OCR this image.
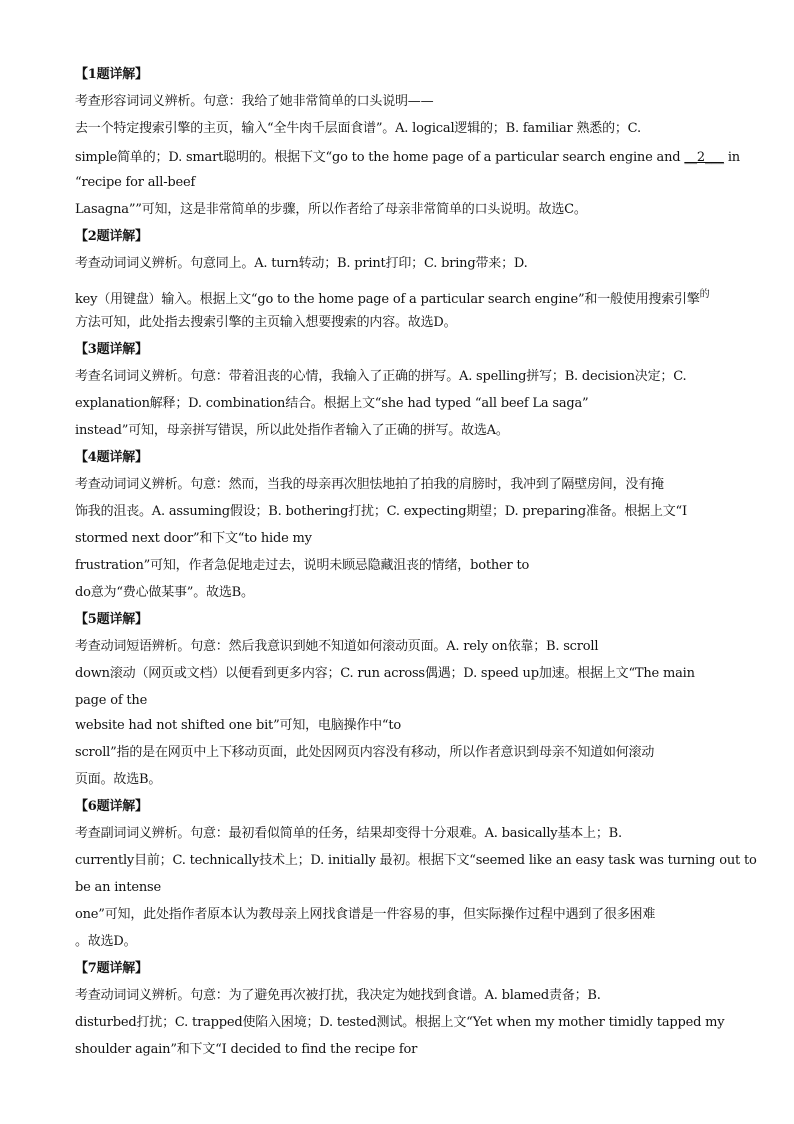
【1题详解】
考查形容词词义辨析。句意：我给了她非常简单的口头说明——
去一个特定搜索引擎的主页，输入“全牛肉千层面食谱”。A. logical逻辑的；B. familiar 熟悉的；C.
simple简单的；D. smart聪明的。根据下文“go to the home page of a particular search engine and __2___ in
“recipe for all-beef
Lasagna””可知，这是非常简单的步骤，所以作者给了母亲非常简单的口头说明。故选C。
【2题详解】
考查动词词义辨析。句意同上。A. turn转动；B. print打印；C. bring带来；D.
key（用键盘）输入。根据上文“go to the home page of a particular search engine”和一般使用搜索引擎$^的$
方法可知，此处指去搜索引擎的主页输入想要搜索的内容。故选D。
【3题详解】
考查名词词义辨析。句意：带着沮丧的心情，我输入了正确的拼写。A. spelling拼写；B. decision决定；C.
explanation解释；D. combination结合。根据上文“she had typed “all beef La saga”
instead”可知，母亲拼写错误，所以此处指作者输入了正确的拼写。故选A。
【4题详解】
考查动词词义辨析。句意：然而，当我的母亲再次胆怯地拍了拍我的肩膀时，我冲到了隔壁房间，没有掩
饰我的沮丧。A. assuming假设；B. bothering打扰；C. expecting期望；D. preparing准备。根据上文“I
stormed next door”和下文“to hide my
frustration”可知，作者急促地走过去，说明未顾忌隐藏沮丧的情绪，bother to
do意为“费心做某事”。故选B。
【5题详解】
考查动词短语辨析。句意：然后我意识到她不知道如何滚动页面。A. rely on依靠；B. scroll
down滚动（网页或文档）以便看到更多内容；C. run across偶遇；D. speed up加速。根据上文“The main
page of the
website had not shifted one bit”可知，电脑操作中“to
scroll”指的是在网页中上下移动页面，此处因网页内容没有移动，所以作者意识到母亲不知道如何滚动
页面。故选B。
【6题详解】
考查副词词义辨析。句意：最初看似简单的任务，结果却变得十分艰难。A. basically基本上；B.
currently目前；C. technically技术上；D. initially 最初。根据下文“seemed like an easy task was turning out to
be an intense
one”可知，此处指作者原本认为教母亲上网找食谱是一件容易的事，但实际操作过程中遇到了很多困难
。故选D。
【7题详解】
考查动词词义辨析。句意：为了避免再次被打扰，我决定为她找到食谱。A. blamed责备；B.
disturbed打扰；C. trapped使陷入困境；D. tested测试。根据上文“Yet when my mother timidly tapped my
shoulder again”和下文“I decided to find the recipe for
